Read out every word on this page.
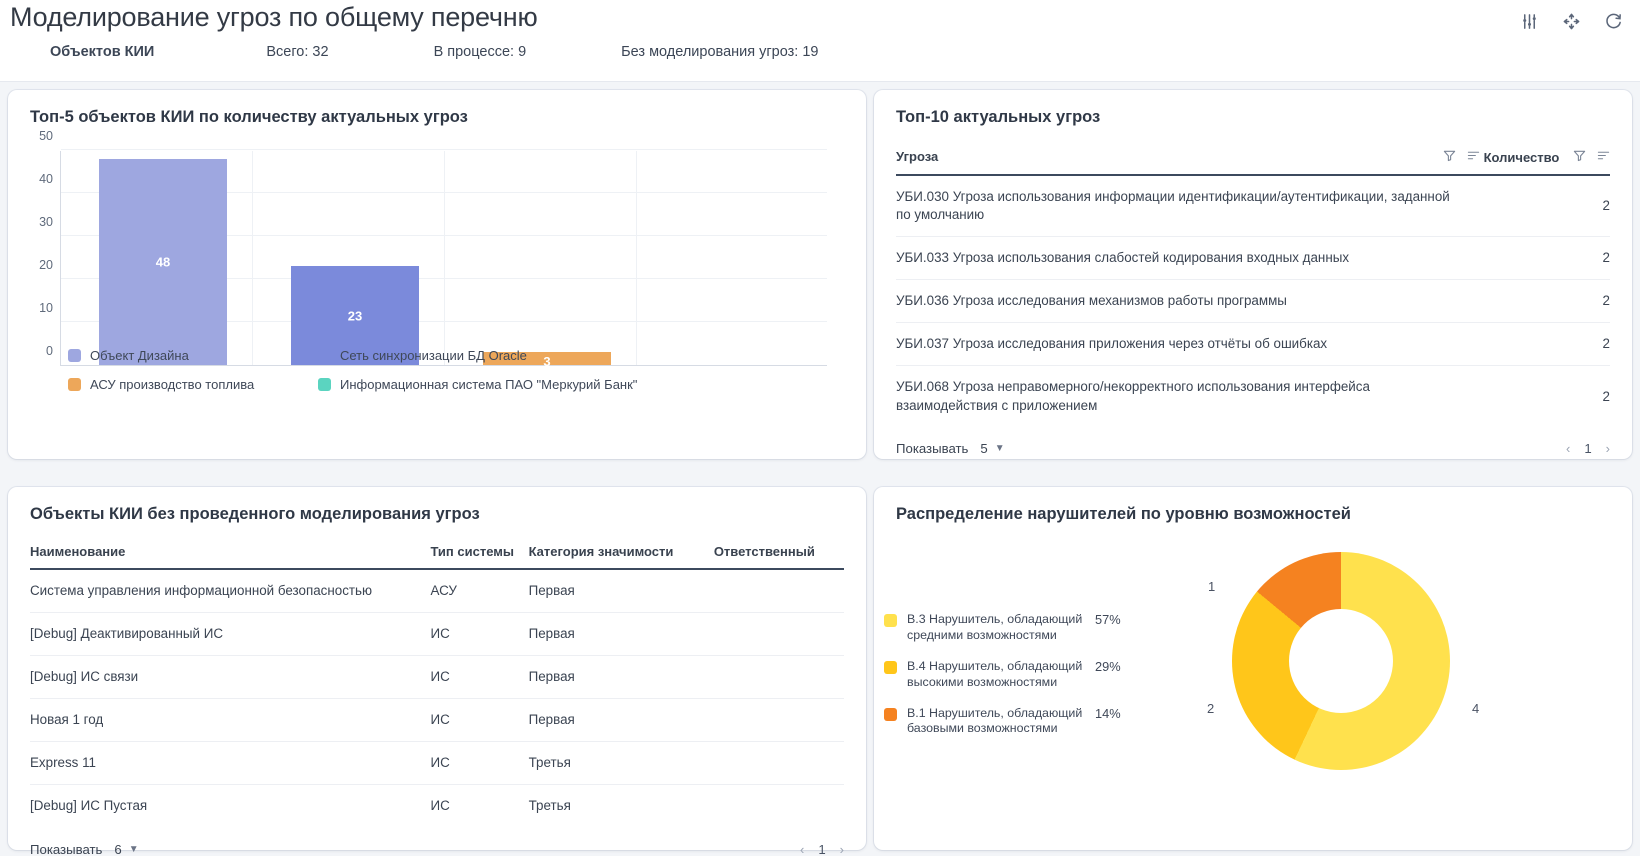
Моделирование угроз по общему перечню
Объектов КИИ	Всего: 32	В процессе: 9	Без моделирования угроз: 19
Топ-5 объектов КИИ по количеству актуальных угроз
50
40
30
20
10
0
48
23
3
Объект Дизайна	Сеть синхронизации БД Oracle
АСУ производство топлива	Информационная система ПАО "Меркурий Банк"
Топ-10 актуальных угроз
Угроза	Количество

УБИ.030 Угроза использования информации идентификации/аутентификации, заданной по умолчанию	2
УБИ.033 Угроза использования слабостей кодирования входных данных	2
УБИ.036 Угроза исследования механизмов работы программы	2
УБИ.037 Угроза исследования приложения через отчёты об ошибках	2
УБИ.068 Угроза неправомерного/некорректного использования интерфейса взаимодействия с приложением	2
Показывать 5 ▼	‹ 1 ›
Объекты КИИ без проведенного моделирования угроз
Наименование	Тип системы	Категория значимости	Ответственный
Система управления информационной безопасностью	АСУ	Первая	
[Debug] Деактивированный ИС	ИС	Первая	
[Debug] ИС связи	ИС	Первая	
Новая 1 год	ИС	Первая	
Express 11	ИС	Третья	
[Debug] ИС Пустая	ИС	Третья	
Показывать 6 ▼	‹ 1 ›
Распределение нарушителей по уровню возможностей
1
2	4
В.3 Нарушитель, обладающий средними возможностями
57%
В.4 Нарушитель, обладающий высокими возможностями
29%
В.1 Нарушитель, обладающий базовыми возможностями
14%
